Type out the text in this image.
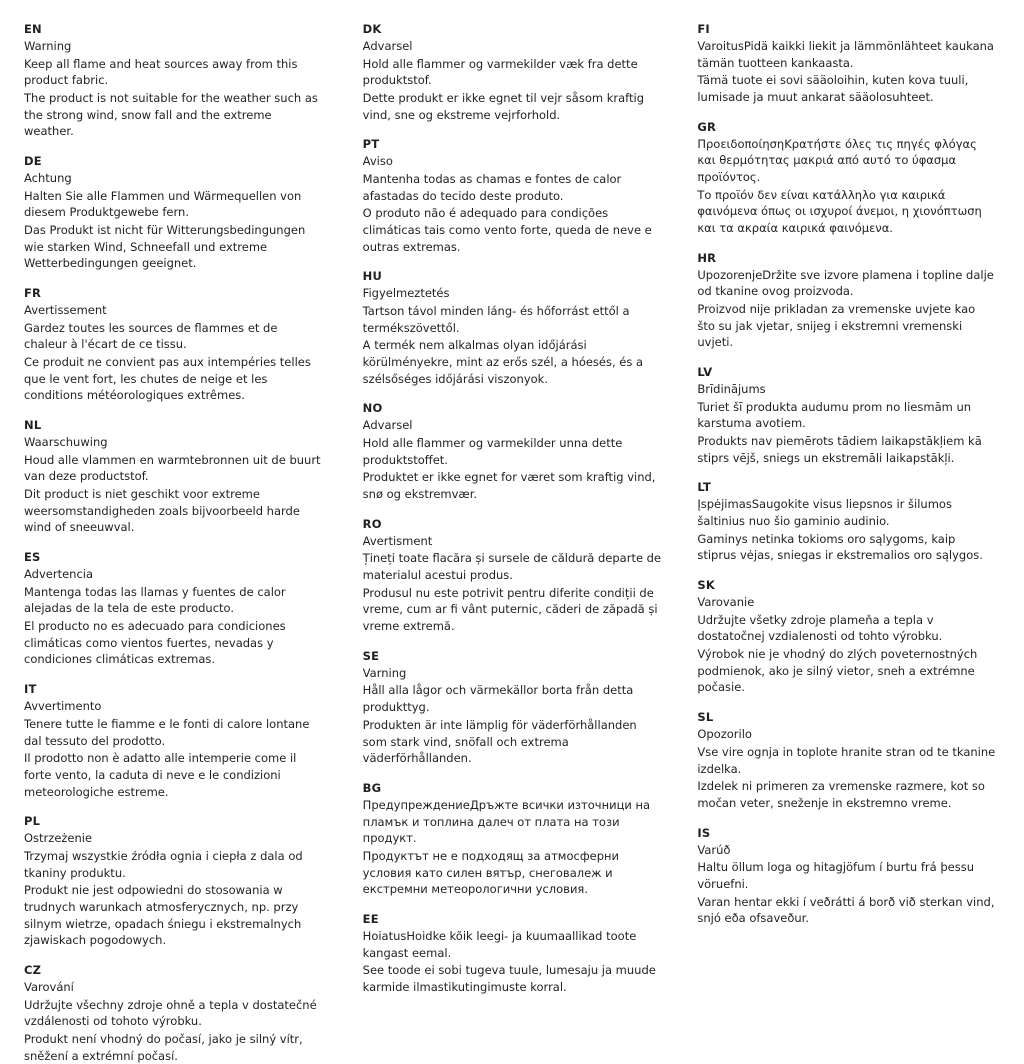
EN
Warning

Keep all flame and heat sources away from this product fabric.

The product is not suitable for the weather such as the strong wind, snow fall and the extreme weather.

DE
Achtung

Halten Sie alle Flammen und Wärmequellen von diesem Produktgewebe fern.

Das Produkt ist nicht für Witterungsbedingungen wie starken Wind, Schneefall und extreme Wetterbedingungen geeignet.

FR
Avertissement

Gardez toutes les sources de flammes et de chaleur à l'écart de ce tissu.

Ce produit ne convient pas aux intempéries telles que le vent fort, les chutes de neige et les conditions météorologiques extrêmes.

NL
Waarschuwing

Houd alle vlammen en warmtebronnen uit de buurt van deze productstof.

Dit product is niet geschikt voor extreme weersomstandigheden zoals bijvoorbeeld harde wind of sneeuwval.

ES
Advertencia

Mantenga todas las llamas y fuentes de calor alejadas de la tela de este producto.

El producto no es adecuado para condiciones climáticas como vientos fuertes, nevadas y condiciones climáticas extremas.

IT
Avvertimento

Tenere tutte le fiamme e le fonti di calore lontane dal tessuto del prodotto.

Il prodotto non è adatto alle intemperie come il forte vento, la caduta di neve e le condizioni meteorologiche estreme.

PL
Ostrzeżenie

Trzymaj wszystkie źródła ognia i ciepła z dala od tkaniny produktu.

Produkt nie jest odpowiedni do stosowania w trudnych warunkach atmosferycznych, np. przy silnym wietrze, opadach śniegu i ekstremalnych zjawiskach pogodowych.

CZ
Varování

Udržujte všechny zdroje ohně a tepla v dostatečné vzdálenosti od tohoto výrobku.

Produkt není vhodný do počasí, jako je silný vítr, sněžení a extrémní počasí.

DK
Advarsel

Hold alle flammer og varmekilder væk fra dette produktstof.

Dette produkt er ikke egnet til vejr såsom kraftig vind, sne og ekstreme vejrforhold.

PT
Aviso

Mantenha todas as chamas e fontes de calor afastadas do tecido deste produto.

O produto não é adequado para condições climáticas tais como vento forte, queda de neve e outras extremas.

HU
Figyelmeztetés

Tartson távol minden láng- és hőforrást ettől a termékszövettől.

A termék nem alkalmas olyan időjárási körülményekre, mint az erős szél, a hóesés, és a szélsőséges időjárási viszonyok.

NO
Advarsel

Hold alle flammer og varmekilder unna dette produktstoffet.

Produktet er ikke egnet for været som kraftig vind, snø og ekstremvær.

RO
Avertisment

Țineți toate flacăra și sursele de căldură departe de materialul acestui produs.

Produsul nu este potrivit pentru diferite condiții de vreme, cum ar fi vânt puternic, căderi de zăpadă și vreme extremă.

SE
Varning

Håll alla lågor och värmekällor borta från detta produkttyg.

Produkten är inte lämplig för väderförhållanden som stark vind, snöfall och extrema väderförhållanden.

BG

ПредупреждениеДръжте всички източници на пламък и топлина далеч от плата на този продукт.

Продуктът не е подходящ за атмосферни условия като силен вятър, снеговалеж и екстремни метеорологични условия.

EE

HoiatusHoidke kõik leegi- ja kuumaallikad toote kangast eemal.

See toode ei sobi tugeva tuule, lumesaju ja muude karmide ilmastikutingimuste korral.

FI

VaroitusPidä kaikki liekit ja lämmönlähteet kaukana tämän tuotteen kankaasta.

Tämä tuote ei sovi sääoloihin, kuten kova tuuli, lumisade ja muut ankarat sääolosuhteet.

GR

ΠροειδοποίησηΚρατήστε όλες τις πηγές φλόγας και θερμότητας μακριά από αυτό το ύφασμα προϊόντος.

Το προϊόν δεν είναι κατάλληλο για καιρικά φαινόμενα όπως οι ισχυροί άνεμοι, η χιονόπτωση και τα ακραία καιρικά φαινόμενα.

HR

UpozorenjeDržite sve izvore plamena i topline dalje od tkanine ovog proizvoda.

Proizvod nije prikladan za vremenske uvjete kao što su jak vjetar, snijeg i ekstremni vremenski uvjeti.

LV
Brīdinājums

Turiet šī produkta audumu prom no liesmām un karstuma avotiem.

Produkts nav piemērots tādiem laikapstākļiem kā stiprs vējš, sniegs un ekstremāli laikapstākļi.

LT

ĮspėjimasSaugokite visus liepsnos ir šilumos šaltinius nuo šio gaminio audinio.

Gaminys netinka tokioms oro sąlygoms, kaip stiprus vėjas, sniegas ir ekstremalios oro sąlygos.

SK
Varovanie

Udržujte všetky zdroje plameňa a tepla v dostatočnej vzdialenosti od tohto výrobku.

Výrobok nie je vhodný do zlých poveternostných podmienok, ako je silný vietor, sneh a extrémne počasie.

SL
Opozorilo

Vse vire ognja in toplote hranite stran od te tkanine izdelka.

Izdelek ni primeren za vremenske razmere, kot so močan veter, sneženje in ekstremno vreme.

IS
Varúð

Haltu öllum loga og hitagjöfum í burtu frá þessu vöruefni.

Varan hentar ekki í veðrátti á borð við sterkan vind, snjó eða ofsaveður.
